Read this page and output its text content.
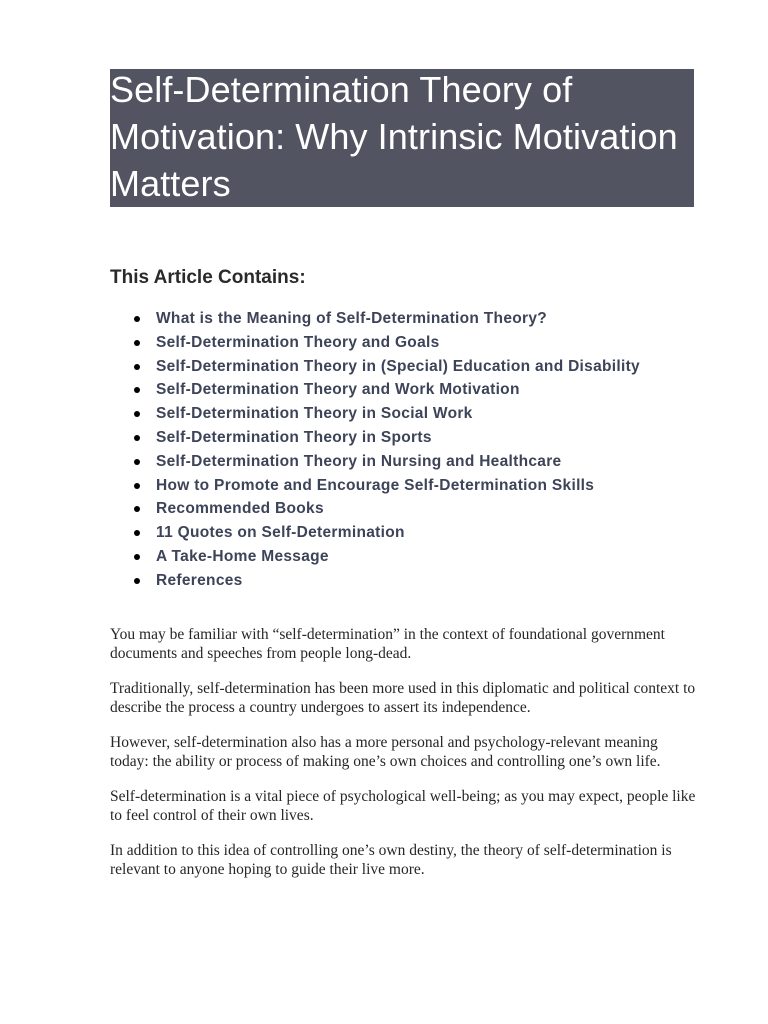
Self-Determination Theory of Motivation: Why Intrinsic Motivation Matters
This Article Contains:
What is the Meaning of Self-Determination Theory?
Self-Determination Theory and Goals
Self-Determination Theory in (Special) Education and Disability
Self-Determination Theory and Work Motivation
Self-Determination Theory in Social Work
Self-Determination Theory in Sports
Self-Determination Theory in Nursing and Healthcare
How to Promote and Encourage Self-Determination Skills
Recommended Books
11 Quotes on Self-Determination
A Take-Home Message
References

You may be familiar with “self-determination” in the context of foundational government documents and speeches from people long-dead.

Traditionally, self-determination has been more used in this diplomatic and political context to describe the process a country undergoes to assert its independence.

However, self-determination also has a more personal and psychology-relevant meaning today: the ability or process of making one’s own choices and controlling one’s own life.

Self-determination is a vital piece of psychological well-being; as you may expect, people like to feel control of their own lives.

In addition to this idea of controlling one’s own destiny, the theory of self-determination is relevant to anyone hoping to guide their live more.
